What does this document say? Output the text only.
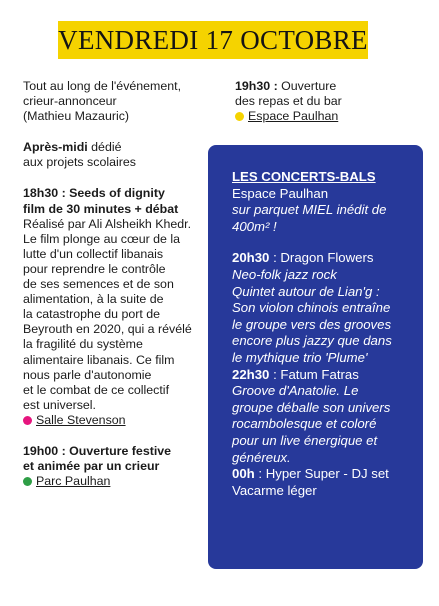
VENDREDI 17 OCTOBRE

Tout au long de l'événement,
crieur-annonceur
(Mathieu Mazauric)

Après-midi dédié
aux projets scolaires

18h30 : Seeds of dignity
film de 30 minutes + débat
Réalisé par Ali Alsheikh Khedr.
Le film plonge au cœur de la
lutte d'un collectif libanais
pour reprendre le contrôle
de ses semences et de son
alimentation, à la suite de
la catastrophe du port de
Beyrouth en 2020, qui a révélé
la fragilité du système
alimentaire libanais. Ce film
nous parle d'autonomie
et le combat de ce collectif
est universel.
Salle Stevenson

19h00 : Ouverture festive
et animée par un crieur
Parc Paulhan

19h30 : Ouverture
des repas et du bar
Espace Paulhan
LES CONCERTS-BALS
Espace Paulhan
sur parquet MIEL inédit de
400m² !
20h30 : Dragon Flowers
Neo-folk jazz rock
Quintet autour de Lian'g :
Son violon chinois entraîne
le groupe vers des grooves
encore plus jazzy que dans
le mythique trio 'Plume'
22h30 : Fatum Fatras
Groove d'Anatolie. Le
groupe déballe son univers
rocambolesque et coloré
pour un live énergique et
généreux.
00h : Hyper Super - DJ set
Vacarme léger
